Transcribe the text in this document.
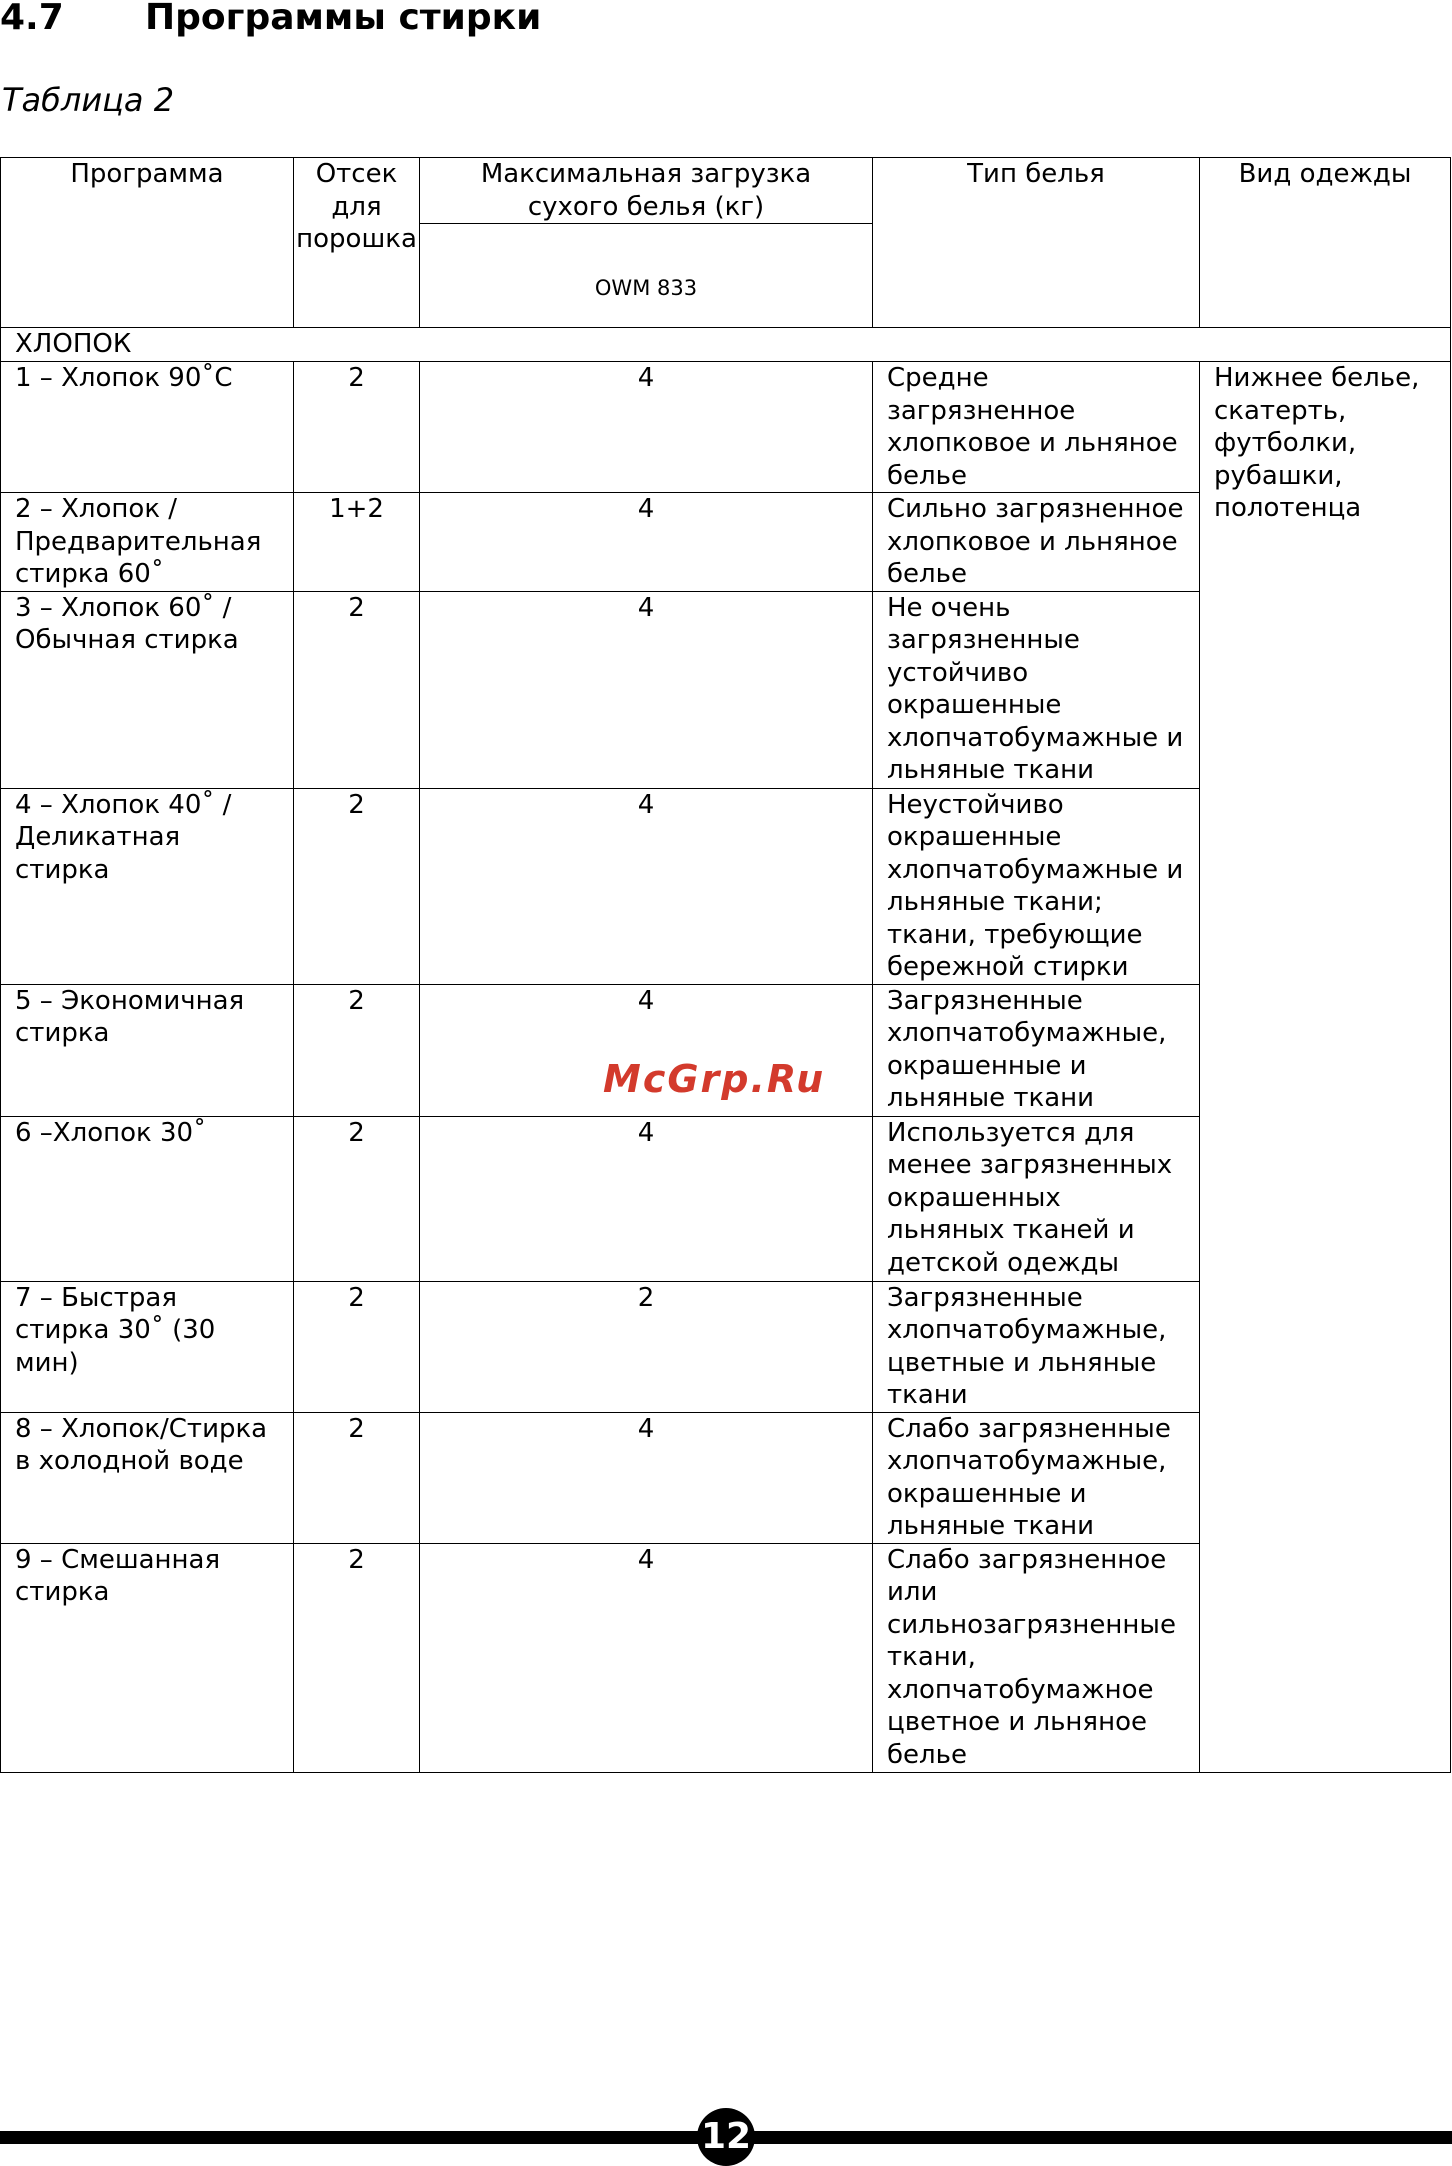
4.7 Программы стирки

Таблица 2

Программа	Отсек для порошка	Максимальная загрузка сухого белья (кг)	Тип белья	Вид одежды
		OWM 833		
ХЛОПОК				
1 – Хлопок 90˚С	2	4	Средне загрязненное хлопковое и льняное белье	Нижнее белье, скатерть, футболки, рубашки, полотенца
2 – Хлопок / Предварительная стирка 60˚	1+2	4	Сильно загрязненное хлопковое и льняное белье	
3 – Хлопок 60˚ / Обычная стирка	2	4	Не очень загрязненные устойчиво окрашенные хлопчатобумажные и льняные ткани	
4 – Хлопок 40˚ / Деликатная стирка	2	4	Неустойчиво окрашенные хлопчатобумажные и льняные ткани; ткани, требующие бережной стирки	
5 – Экономичная стирка	2	4	Загрязненные хлопчатобумажные, окрашенные и льняные ткани	
6 –Хлопок 30˚	2	4	Используется для менее загрязненных окрашенных льняных тканей и детской одежды	
7 – Быстрая стирка 30˚ (30 мин)	2	2	Загрязненные хлопчатобумажные, цветные и льняные ткани	
8 – Хлопок/Стирка в холодной воде	2	4	Слабо загрязненные хлопчатобумажные, окрашенные и льняные ткани	
9 – Смешанная стирка	2	4	Слабо загрязненное или сильнозагрязненные ткани, хлопчатобумажное цветное и льняное белье	
McGrp.Ru
12
